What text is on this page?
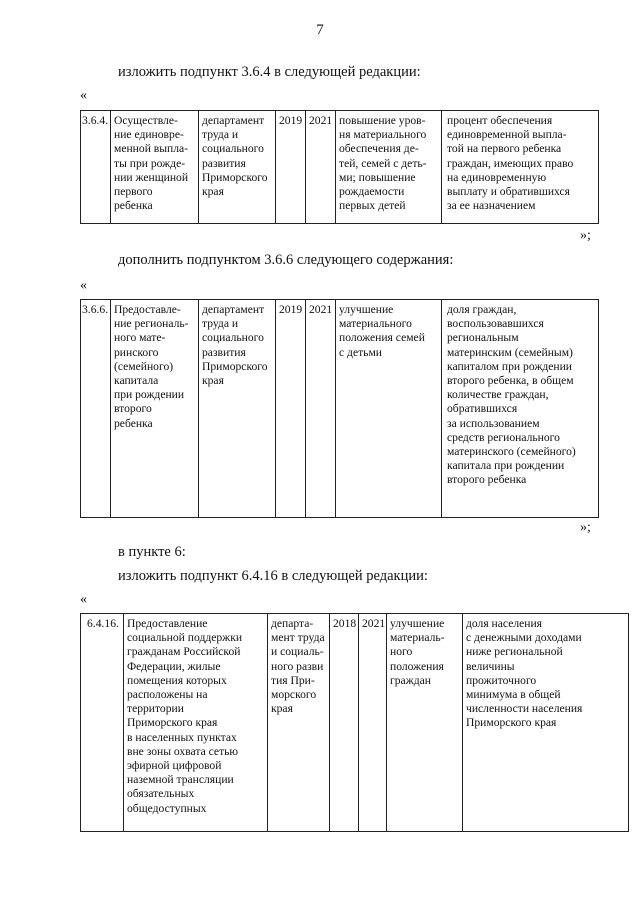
7
изложить подпункт 3.6.4 в следующей редакции:
«
3.6.4.	Осуществле-
ние единовре-
менной выпла-
ты при рожде-
нии женщиной
первого
ребенка	департамент
труда и
социального
развития
Приморского
края	2019	2021	повышение уров-
ня материального
обеспечения де-
тей, семей с деть-
ми; повышение
рождаемости
первых детей	процент обеспечения
единовременной выпла-
той на первого ребенка
граждан, имеющих право
на единовременную
выплату и обратившихся
за ее назначением
»;
дополнить подпунктом 3.6.6 следующего содержания:
«
3.6.6.	Предоставле-
ние региональ-
ного мате-
ринского
(семейного)
капитала
при рождении
второго
ребенка	департамент
труда и
социального
развития
Приморского
края	2019	2021	улучшение
материального
положения семей
с детьми	доля граждан,
воспользовавшихся
региональным
материнским (семейным)
капиталом при рождении
второго ребенка, в общем
количестве граждан,
обратившихся
за использованием
средств регионального
материнского (семейного)
капитала при рождении
второго ребенка
»;
в пункте 6:
изложить подпункт 6.4.16 в следующей редакции:
«
6.4.16.	Предоставление
социальной поддержки
гражданам Российской
Федерации, жилые
помещения которых
расположены на
территории
Приморского края
в населенных пунктах
вне зоны охвата сетью
эфирной цифровой
наземной трансляции
обязательных
общедоступных	департа-
мент труда
и социаль-
ного разви
тия При-
морского
края	2018	2021	улучшение
материаль-
ного
положения
граждан	доля населения
с денежными доходами
ниже региональной
величины
прожиточного
минимума в общей
численности населения
Приморского края
